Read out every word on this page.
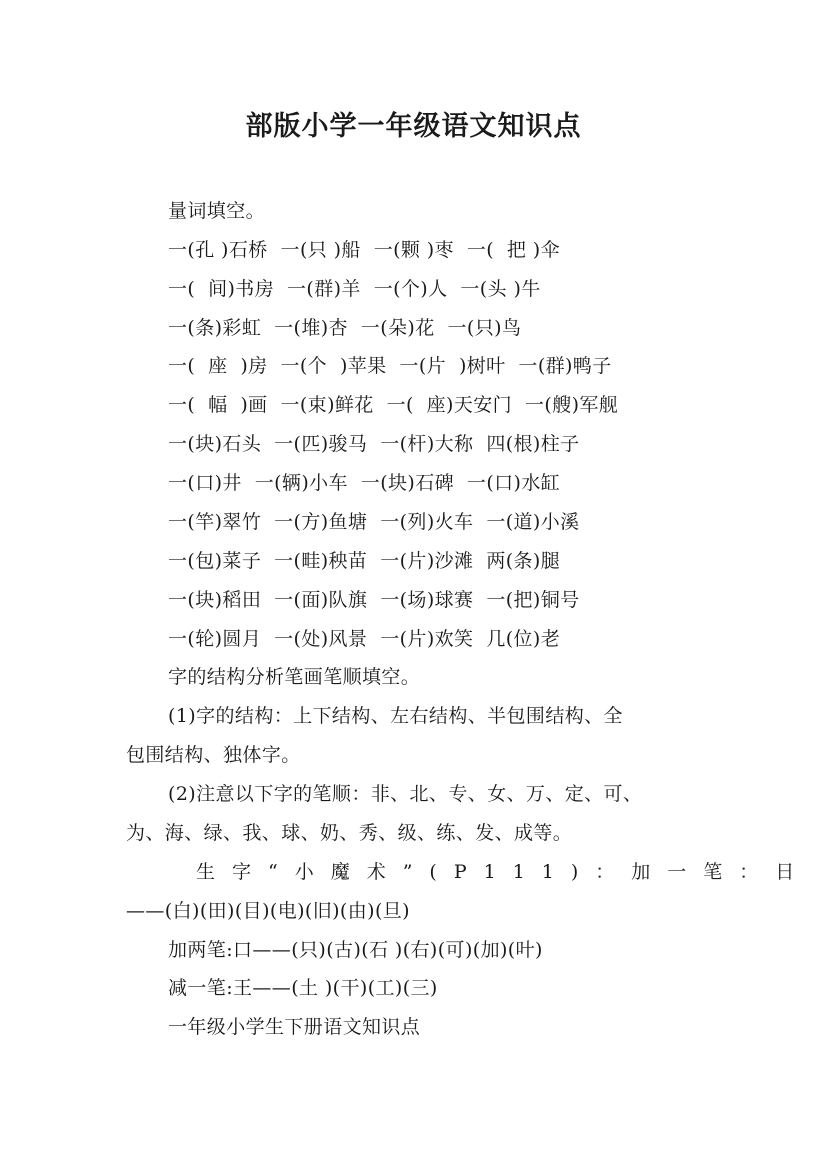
部版小学一年级语文知识点
量词填空。
一(孔 )石桥  一(只 )船  一(颗 )枣  一(  把 )伞
一(  间)书房  一(群)羊  一(个)人  一(头 )牛
一(条)彩虹  一(堆)杏  一(朵)花  一(只)鸟
一(  座  )房  一(个  )苹果  一(片  )树叶  一(群)鸭子
一(  幅  )画  一(束)鲜花  一(  座)天安门  一(艘)军舰
一(块)石头  一(匹)骏马  一(杆)大称  四(根)柱子
一(口)井  一(辆)小车  一(块)石碑  一(口)水缸
一(竿)翠竹  一(方)鱼塘  一(列)火车  一(道)小溪
一(包)菜子  一(畦)秧苗  一(片)沙滩  两(条)腿
一(块)稻田  一(面)队旗  一(场)球赛  一(把)铜号
一(轮)圆月  一(处)风景  一(片)欢笑  几(位)老
字的结构分析笔画笔顺填空。
(1)字的结构：上下结构、左右结构、半包围结构、全
包围结构、独体字。
(2)注意以下字的笔顺：非、北、专、女、万、定、可、
为、海、绿、我、球、奶、秀、级、练、发、成等。
生字“小魔术”(P111)：加一笔：日
——(白)(田)(目)(电)(旧)(由)(旦)
加两笔:口——(只)(古)(石 )(右)(可)(加)(叶)
减一笔:王——(土 )(干)(工)(三)
一年级小学生下册语文知识点
